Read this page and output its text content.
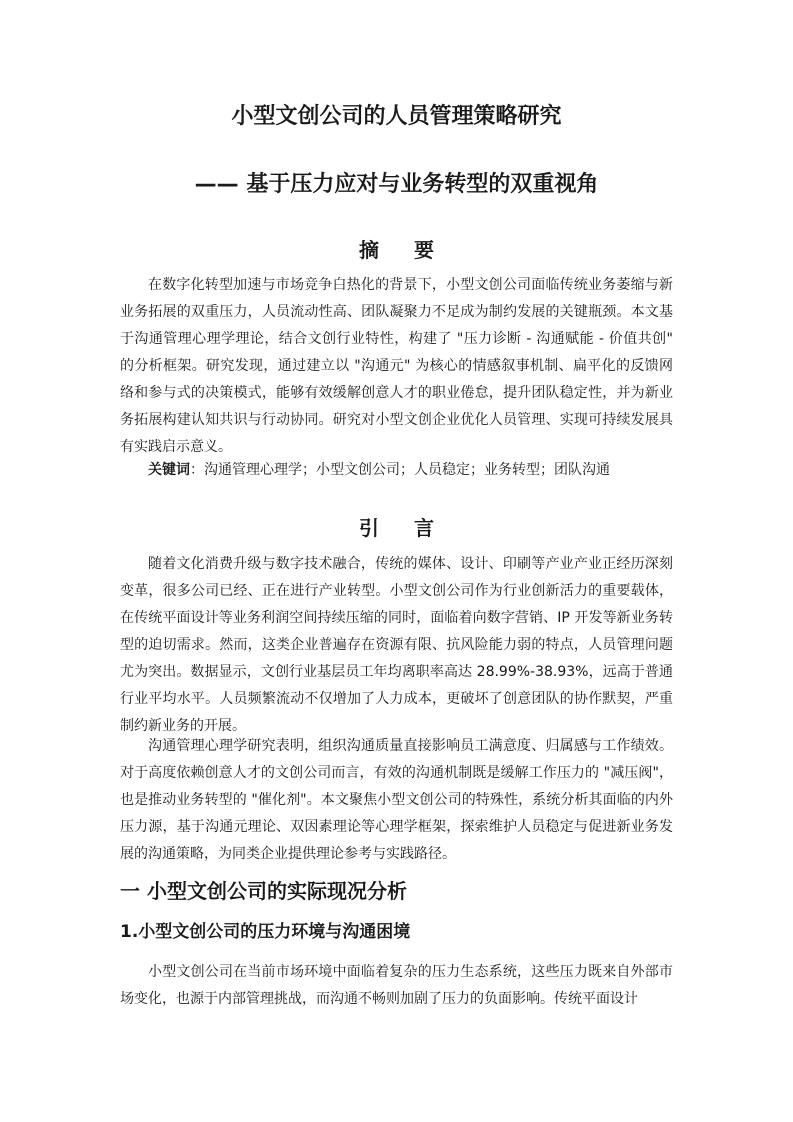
小型文创公司的人员管理策略研究
—— 基于压力应对与业务转型的双重视角
摘 要

在数字化转型加速与市场竞争白热化的背景下，小型文创公司面临传统业务萎缩与新业务拓展的双重压力，人员流动性高、团队凝聚力不足成为制约发展的关键瓶颈。本文基于沟通管理心理学理论，结合文创行业特性，构建了 "压力诊断 - 沟通赋能 - 价值共创" 的分析框架。研究发现，通过建立以 "沟通元" 为核心的情感叙事机制、扁平化的反馈网络和参与式的决策模式，能够有效缓解创意人才的职业倦怠，提升团队稳定性，并为新业务拓展构建认知共识与行动协同。研究对小型文创企业优化人员管理、实现可持续发展具有实践启示意义。

关键词：沟通管理心理学；小型文创公司；人员稳定；业务转型；团队沟通

引 言

随着文化消费升级与数字技术融合，传统的媒体、设计、印刷等产业产业正经历深刻变革，很多公司已经、正在进行产业转型。小型文创公司作为行业创新活力的重要载体，在传统平面设计等业务利润空间持续压缩的同时，面临着向数字营销、IP 开发等新业务转型的迫切需求。然而，这类企业普遍存在资源有限、抗风险能力弱的特点，人员管理问题尤为突出。数据显示，文创行业基层员工年均离职率高达 28.99%-38.93%，远高于普通行业平均水平。人员频繁流动不仅增加了人力成本，更破坏了创意团队的协作默契，严重制约新业务的开展。

沟通管理心理学研究表明，组织沟通质量直接影响员工满意度、归属感与工作绩效。对于高度依赖创意人才的文创公司而言，有效的沟通机制既是缓解工作压力的 "减压阀"，也是推动业务转型的 "催化剂"。本文聚焦小型文创公司的特殊性，系统分析其面临的内外压力源，基于沟通元理论、双因素理论等心理学框架，探索维护人员稳定与促进新业务发展的沟通策略，为同类企业提供理论参考与实践路径。

一 小型文创公司的实际现况分析
1.小型文创公司的压力环境与沟通困境

小型文创公司在当前市场环境中面临着复杂的压力生态系统，这些压力既来自外部市场变化，也源于内部管理挑战，而沟通不畅则加剧了压力的负面影响。传统平面设计
